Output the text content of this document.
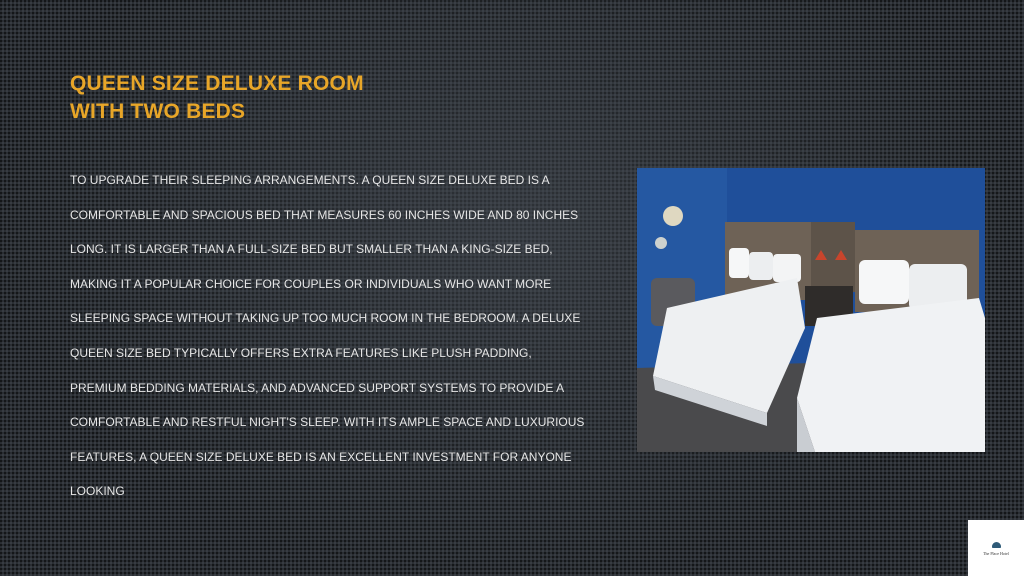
QUEEN SIZE DELUXE ROOM
WITH TWO BEDS

TO UPGRADE THEIR SLEEPING ARRANGEMENTS. A QUEEN SIZE DELUXE BED IS A
COMFORTABLE AND SPACIOUS BED THAT MEASURES 60 INCHES WIDE AND 80 INCHES
LONG. IT IS LARGER THAN A FULL-SIZE BED BUT SMALLER THAN A KING-SIZE BED,
MAKING IT A POPULAR CHOICE FOR COUPLES OR INDIVIDUALS WHO WANT MORE
SLEEPING SPACE WITHOUT TAKING UP TOO MUCH ROOM IN THE BEDROOM. A DELUXE
QUEEN SIZE BED TYPICALLY OFFERS EXTRA FEATURES LIKE PLUSH PADDING,
PREMIUM BEDDING MATERIALS, AND ADVANCED SUPPORT SYSTEMS TO PROVIDE A
COMFORTABLE AND RESTFUL NIGHT'S SLEEP. WITH ITS AMPLE SPACE AND LUXURIOUS
FEATURES, A QUEEN SIZE DELUXE BED IS AN EXCELLENT INVESTMENT FOR ANYONE
LOOKING

The Place Hotel
